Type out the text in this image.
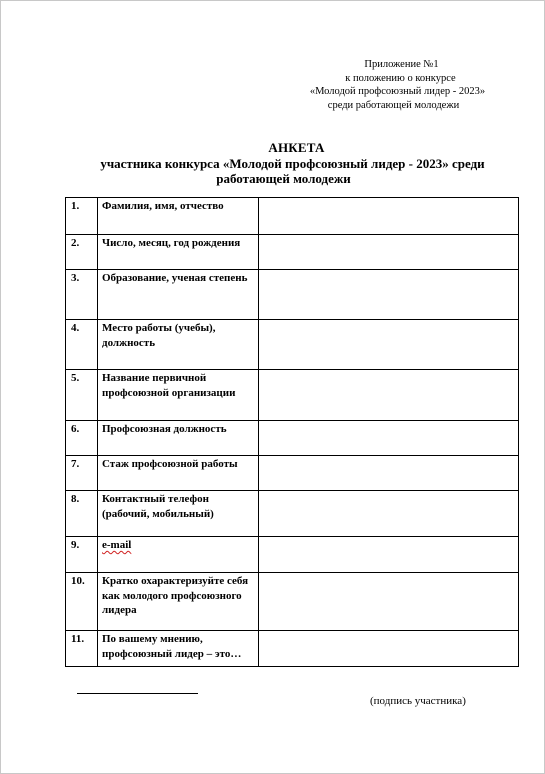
Приложение №1
к положению о конкурсе
«Молодой профсоюзный лидер - 2023»
среди работающей молодежи
АНКЕТА
участника конкурса «Молодой профсоюзный лидер - 2023» среди
работающей молодежи
1.	Фамилия, имя, отчество	
2.	Число, месяц, год рождения	
3.	Образование, ученая степень	
4.	Место работы (учебы), должность	
5.	Название первичной профсоюзной организации	
6.	Профсоюзная должность	
7.	Стаж профсоюзной работы	
8.	Контактный телефон (рабочий, мобильный)	
9.	e-mail	
10.	Кратко охарактеризуйте себя как молодого профсоюзного лидера	
11.	По вашему мнению, профсоюзный лидер – это…	
(подпись участника)
